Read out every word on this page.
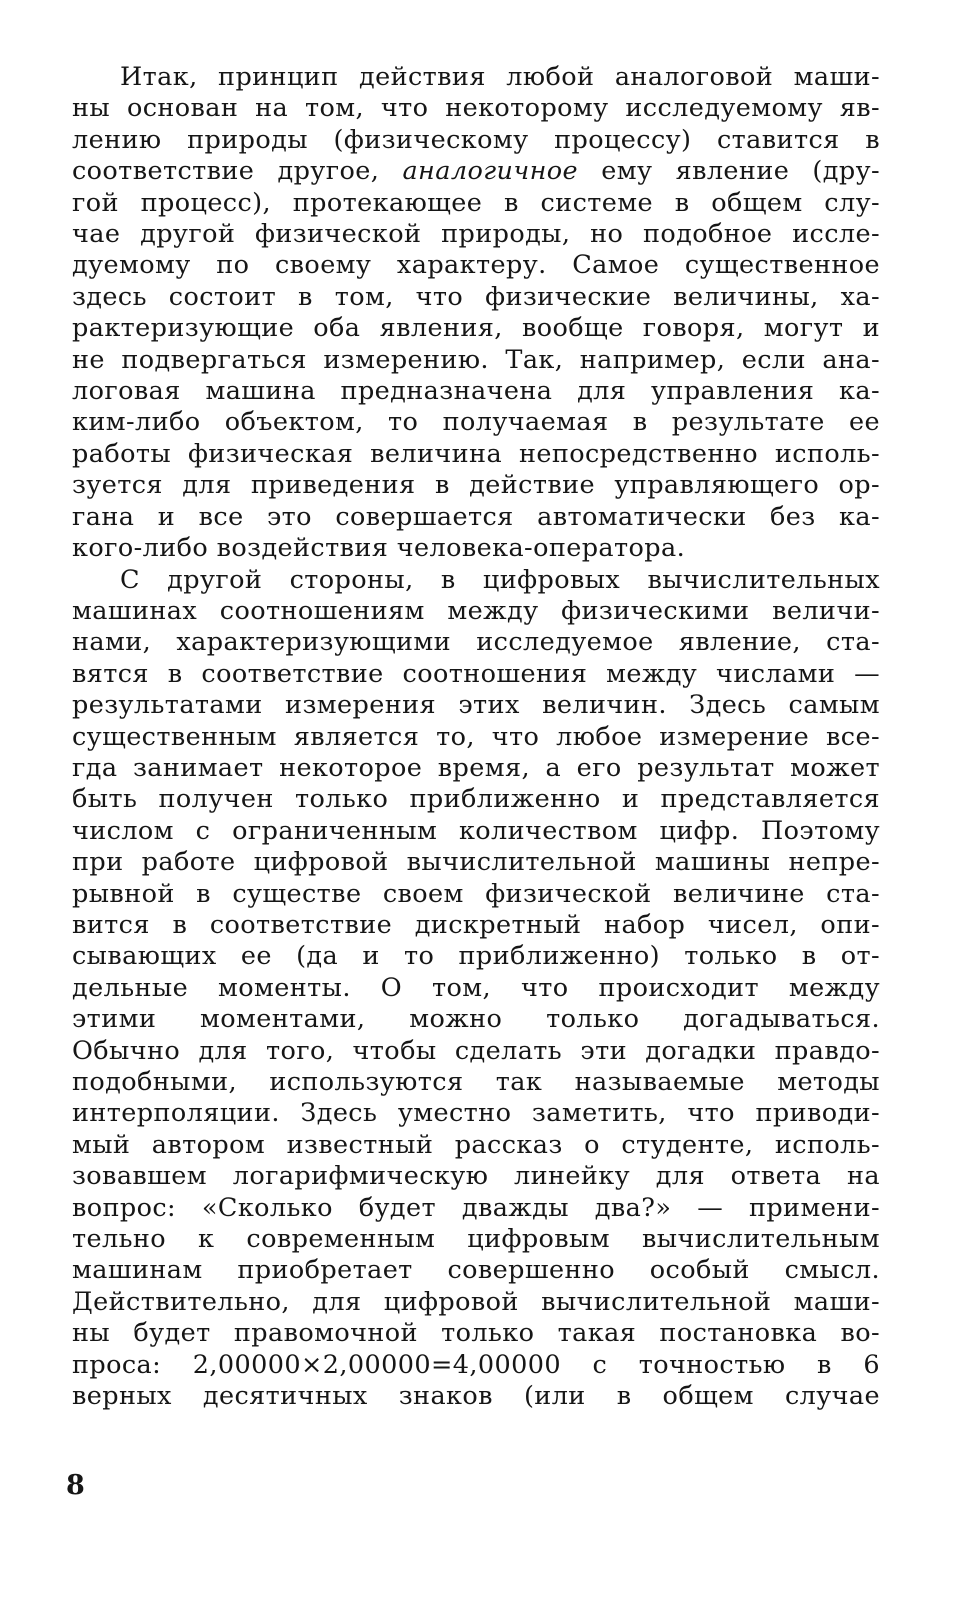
Итак, принцип действия любой аналоговой маши-
ны основан на том, что некоторому исследуемому яв-
лению природы (физическому процессу) ставится в
соответствие другое, аналогичное ему явление (дру-
гой процесс), протекающее в системе в общем слу-
чае другой физической природы, но подобное иссле-
дуемому по своему характеру. Самое существенное
здесь состоит в том, что физические величины, ха-
рактеризующие оба явления, вообще говоря, могут и
не подвергаться измерению. Так, например, если ана-
логовая машина предназначена для управления ка-
ким-либо объектом, то получаемая в результате ее
работы физическая величина непосредственно исполь-
зуется для приведения в действие управляющего ор-
гана и все это совершается автоматически без ка-
кого-либо воздействия человека-оператора.
С другой стороны, в цифровых вычислительных
машинах соотношениям между физическими величи-
нами, характеризующими исследуемое явление, ста-
вятся в соответствие соотношения между числами —
результатами измерения этих величин. Здесь самым
существенным является то, что любое измерение все-
гда занимает некоторое время, а его результат может
быть получен только приближенно и представляется
числом с ограниченным количеством цифр. Поэтому
при работе цифровой вычислительной машины непре-
рывной в существе своем физической величине ста-
вится в соответствие дискретный набор чисел, опи-
сывающих ее (да и то приближенно) только в от-
дельные моменты. О том, что происходит между
этими моментами, можно только догадываться.
Обычно для того, чтобы сделать эти догадки правдо-
подобными, используются так называемые методы
интерполяции. Здесь уместно заметить, что приводи-
мый автором известный рассказ о студенте, исполь-
зовавшем логарифмическую линейку для ответа на
вопрос: «Сколько будет дважды два?» — примени-
тельно к современным цифровым вычислительным
машинам приобретает совершенно особый смысл.
Действительно, для цифровой вычислительной маши-
ны будет правомочной только такая постановка во-
проса: 2,00000×2,00000=4,00000 с точностью в 6
верных десятичных знаков (или в общем случае
8
